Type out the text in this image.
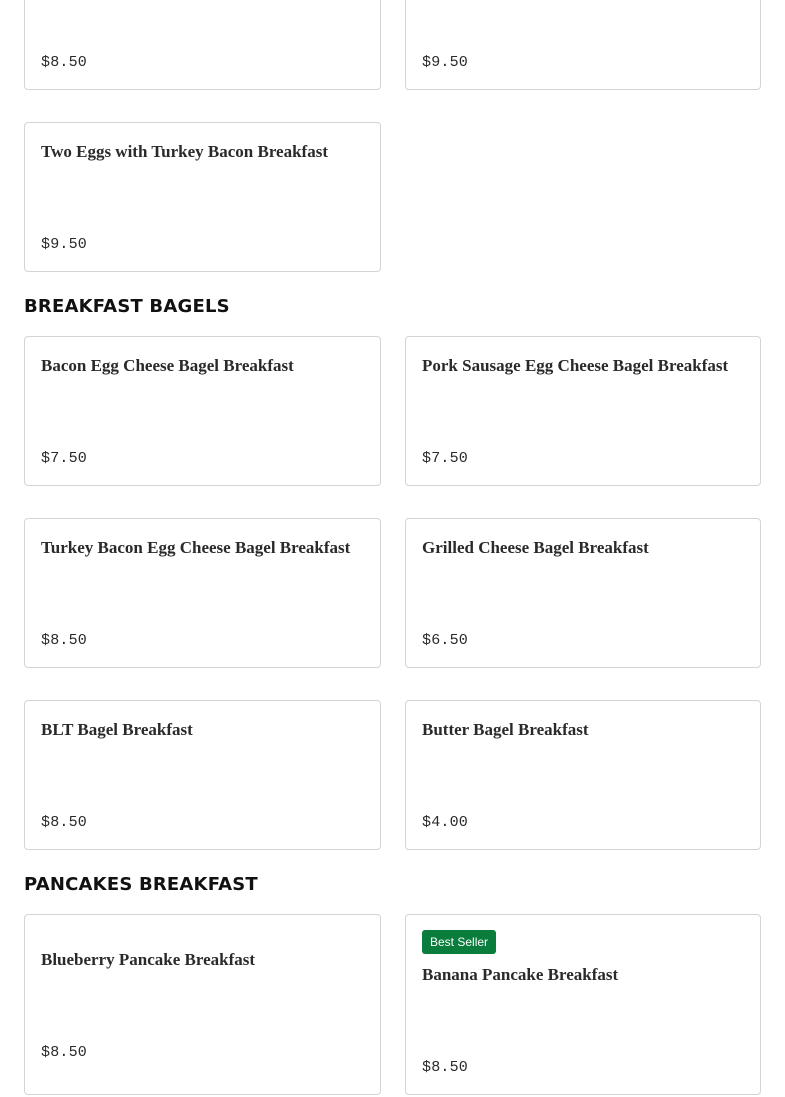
$8.50	$9.50
Two Eggs with Turkey Bacon Breakfast
$9.50
BREAKFAST BAGELS
Bacon Egg Cheese Bagel Breakfast
$7.50
Pork Sausage Egg Cheese Bagel Breakfast
$7.50
Turkey Bacon Egg Cheese Bagel Breakfast
$8.50
Grilled Cheese Bagel Breakfast
$6.50
BLT Bagel Breakfast
$8.50
Butter Bagel Breakfast
$4.00
PANCAKES BREAKFAST
Blueberry Pancake Breakfast
$8.50
Best Seller
Banana Pancake Breakfast
$8.50
